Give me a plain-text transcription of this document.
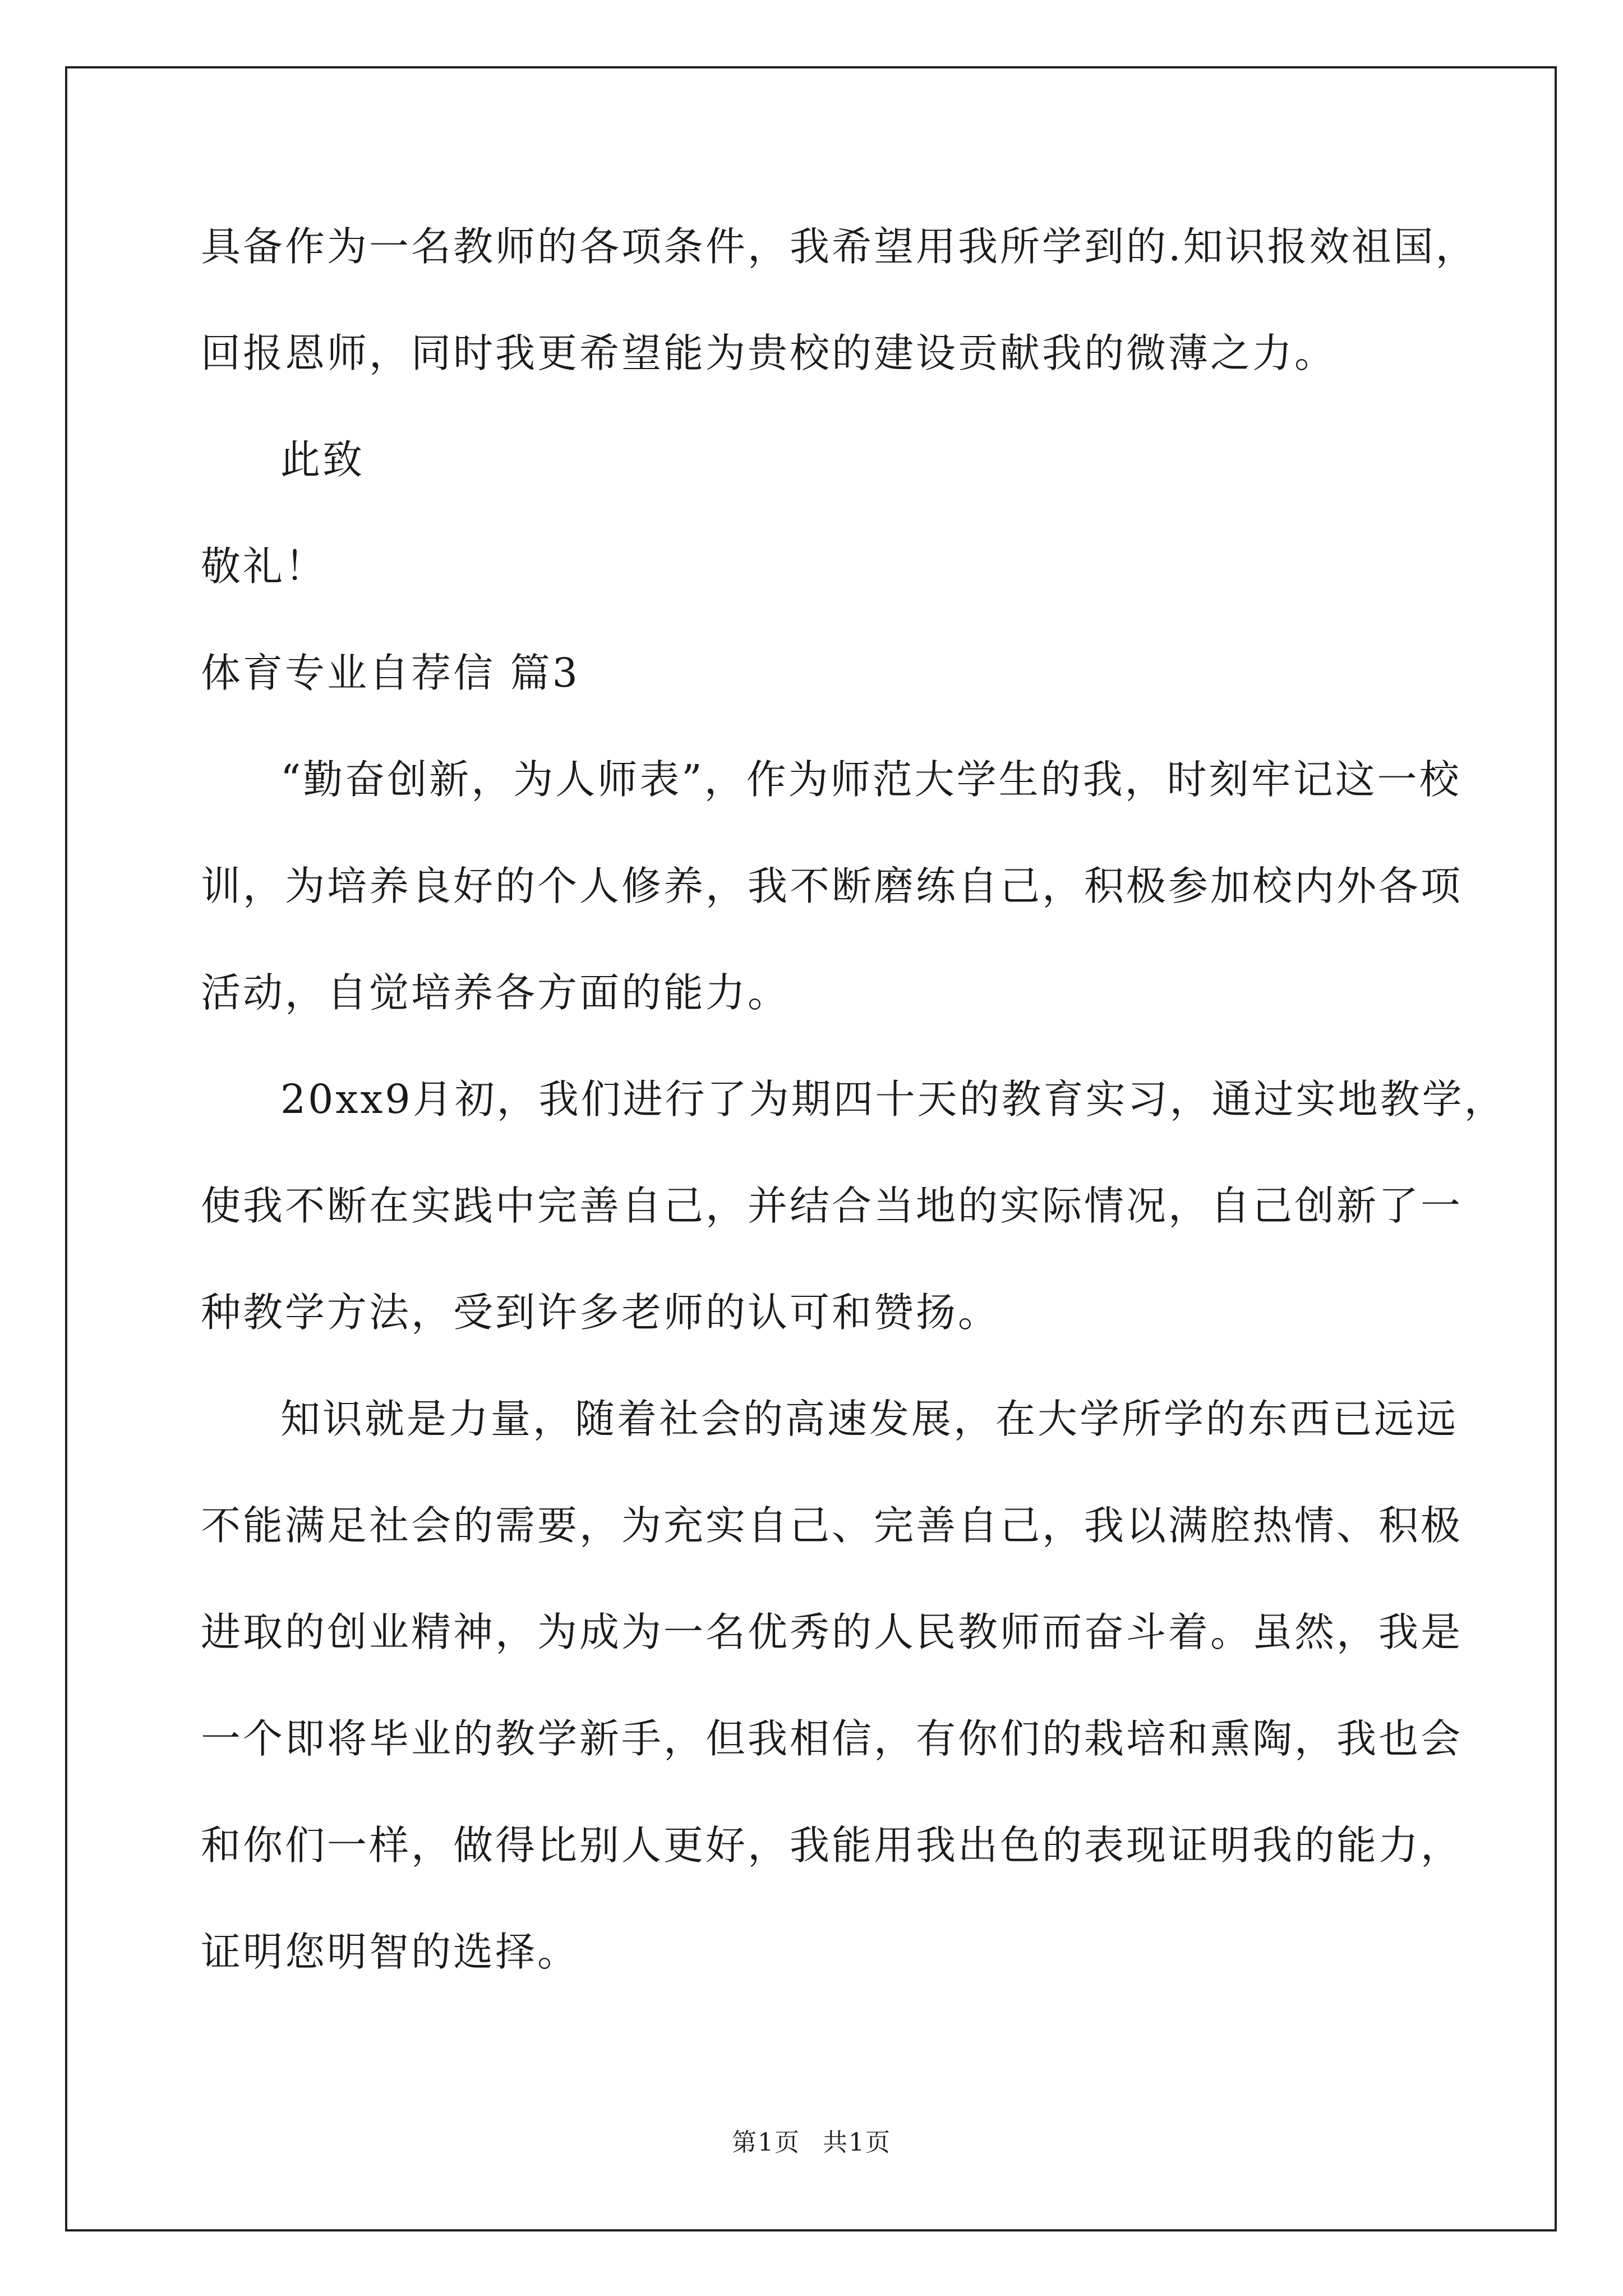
具备作为一名教师的各项条件，我希望用我所学到的.知识报效祖国，
回报恩师，同时我更希望能为贵校的建设贡献我的微薄之力。
此致
敬礼！
体育专业自荐信 篇3
“勤奋创新，为人师表”，作为师范大学生的我，时刻牢记这一校
训，为培养良好的个人修养，我不断磨练自己，积极参加校内外各项
活动，自觉培养各方面的能力。
20xx9月初，我们进行了为期四十天的教育实习，通过实地教学，
使我不断在实践中完善自己，并结合当地的实际情况，自己创新了一
种教学方法，受到许多老师的认可和赞扬。
知识就是力量，随着社会的高速发展，在大学所学的东西已远远
不能满足社会的需要，为充实自己、完善自己，我以满腔热情、积极
进取的创业精神，为成为一名优秀的人民教师而奋斗着。虽然，我是
一个即将毕业的教学新手，但我相信，有你们的栽培和熏陶，我也会
和你们一样，做得比别人更好，我能用我出色的表现证明我的能力，
证明您明智的选择。
第1页 共1页
